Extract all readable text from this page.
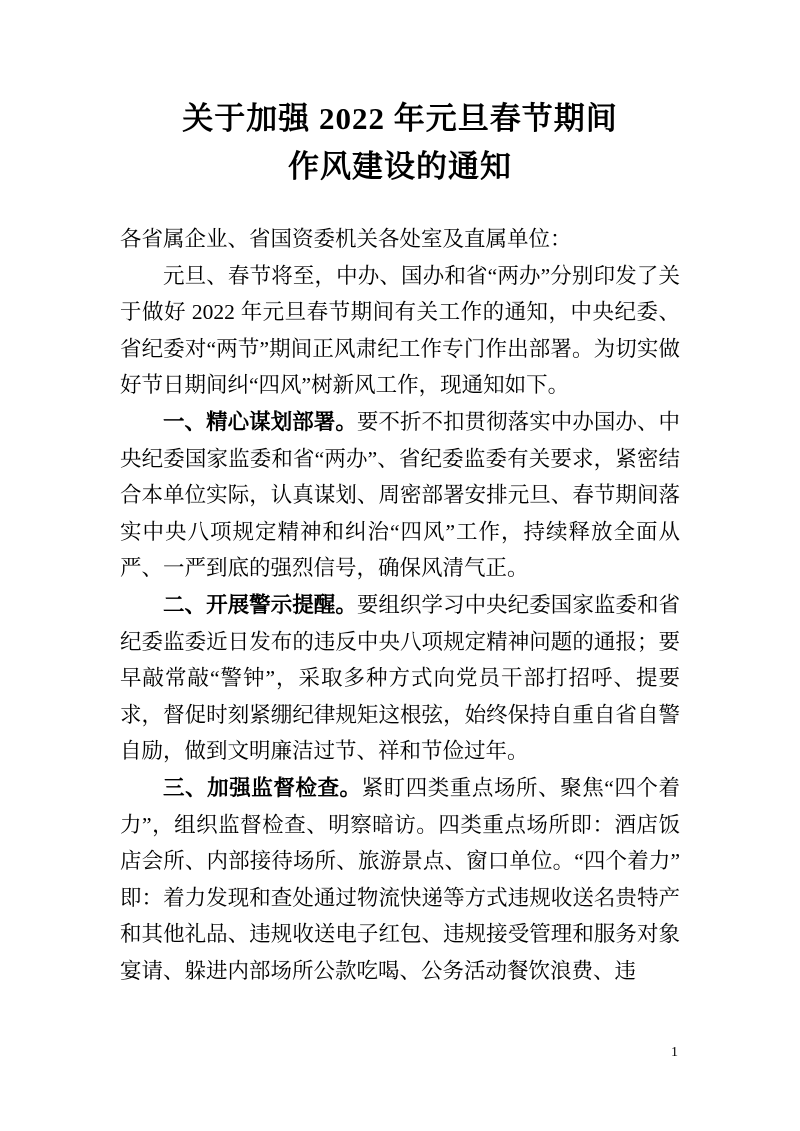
关于加强 2022 年元旦春节期间
作风建设的通知

各省属企业、省国资委机关各处室及直属单位：

元旦、春节将至，中办、国办和省“两办”分别印发了关于做好 2022 年元旦春节期间有关工作的通知，中央纪委、省纪委对“两节”期间正风肃纪工作专门作出部署。为切实做好节日期间纠“四风”树新风工作，现通知如下。

一、精心谋划部署。要不折不扣贯彻落实中办国办、中央纪委国家监委和省“两办”、省纪委监委有关要求，紧密结合本单位实际，认真谋划、周密部署安排元旦、春节期间落实中央八项规定精神和纠治“四风”工作，持续释放全面从严、一严到底的强烈信号，确保风清气正。

二、开展警示提醒。要组织学习中央纪委国家监委和省纪委监委近日发布的违反中央八项规定精神问题的通报；要早敲常敲“警钟”，采取多种方式向党员干部打招呼、提要求，督促时刻紧绷纪律规矩这根弦，始终保持自重自省自警自励，做到文明廉洁过节、祥和节俭过年。

三、加强监督检查。紧盯四类重点场所、聚焦“四个着力”，组织监督检查、明察暗访。四类重点场所即：酒店饭店会所、内部接待场所、旅游景点、窗口单位。“四个着力”即：着力发现和查处通过物流快递等方式违规收送名贵特产和其他礼品、违规收送电子红包、违规接受管理和服务对象宴请、躲进内部场所公款吃喝、公务活动餐饮浪费、违

1
